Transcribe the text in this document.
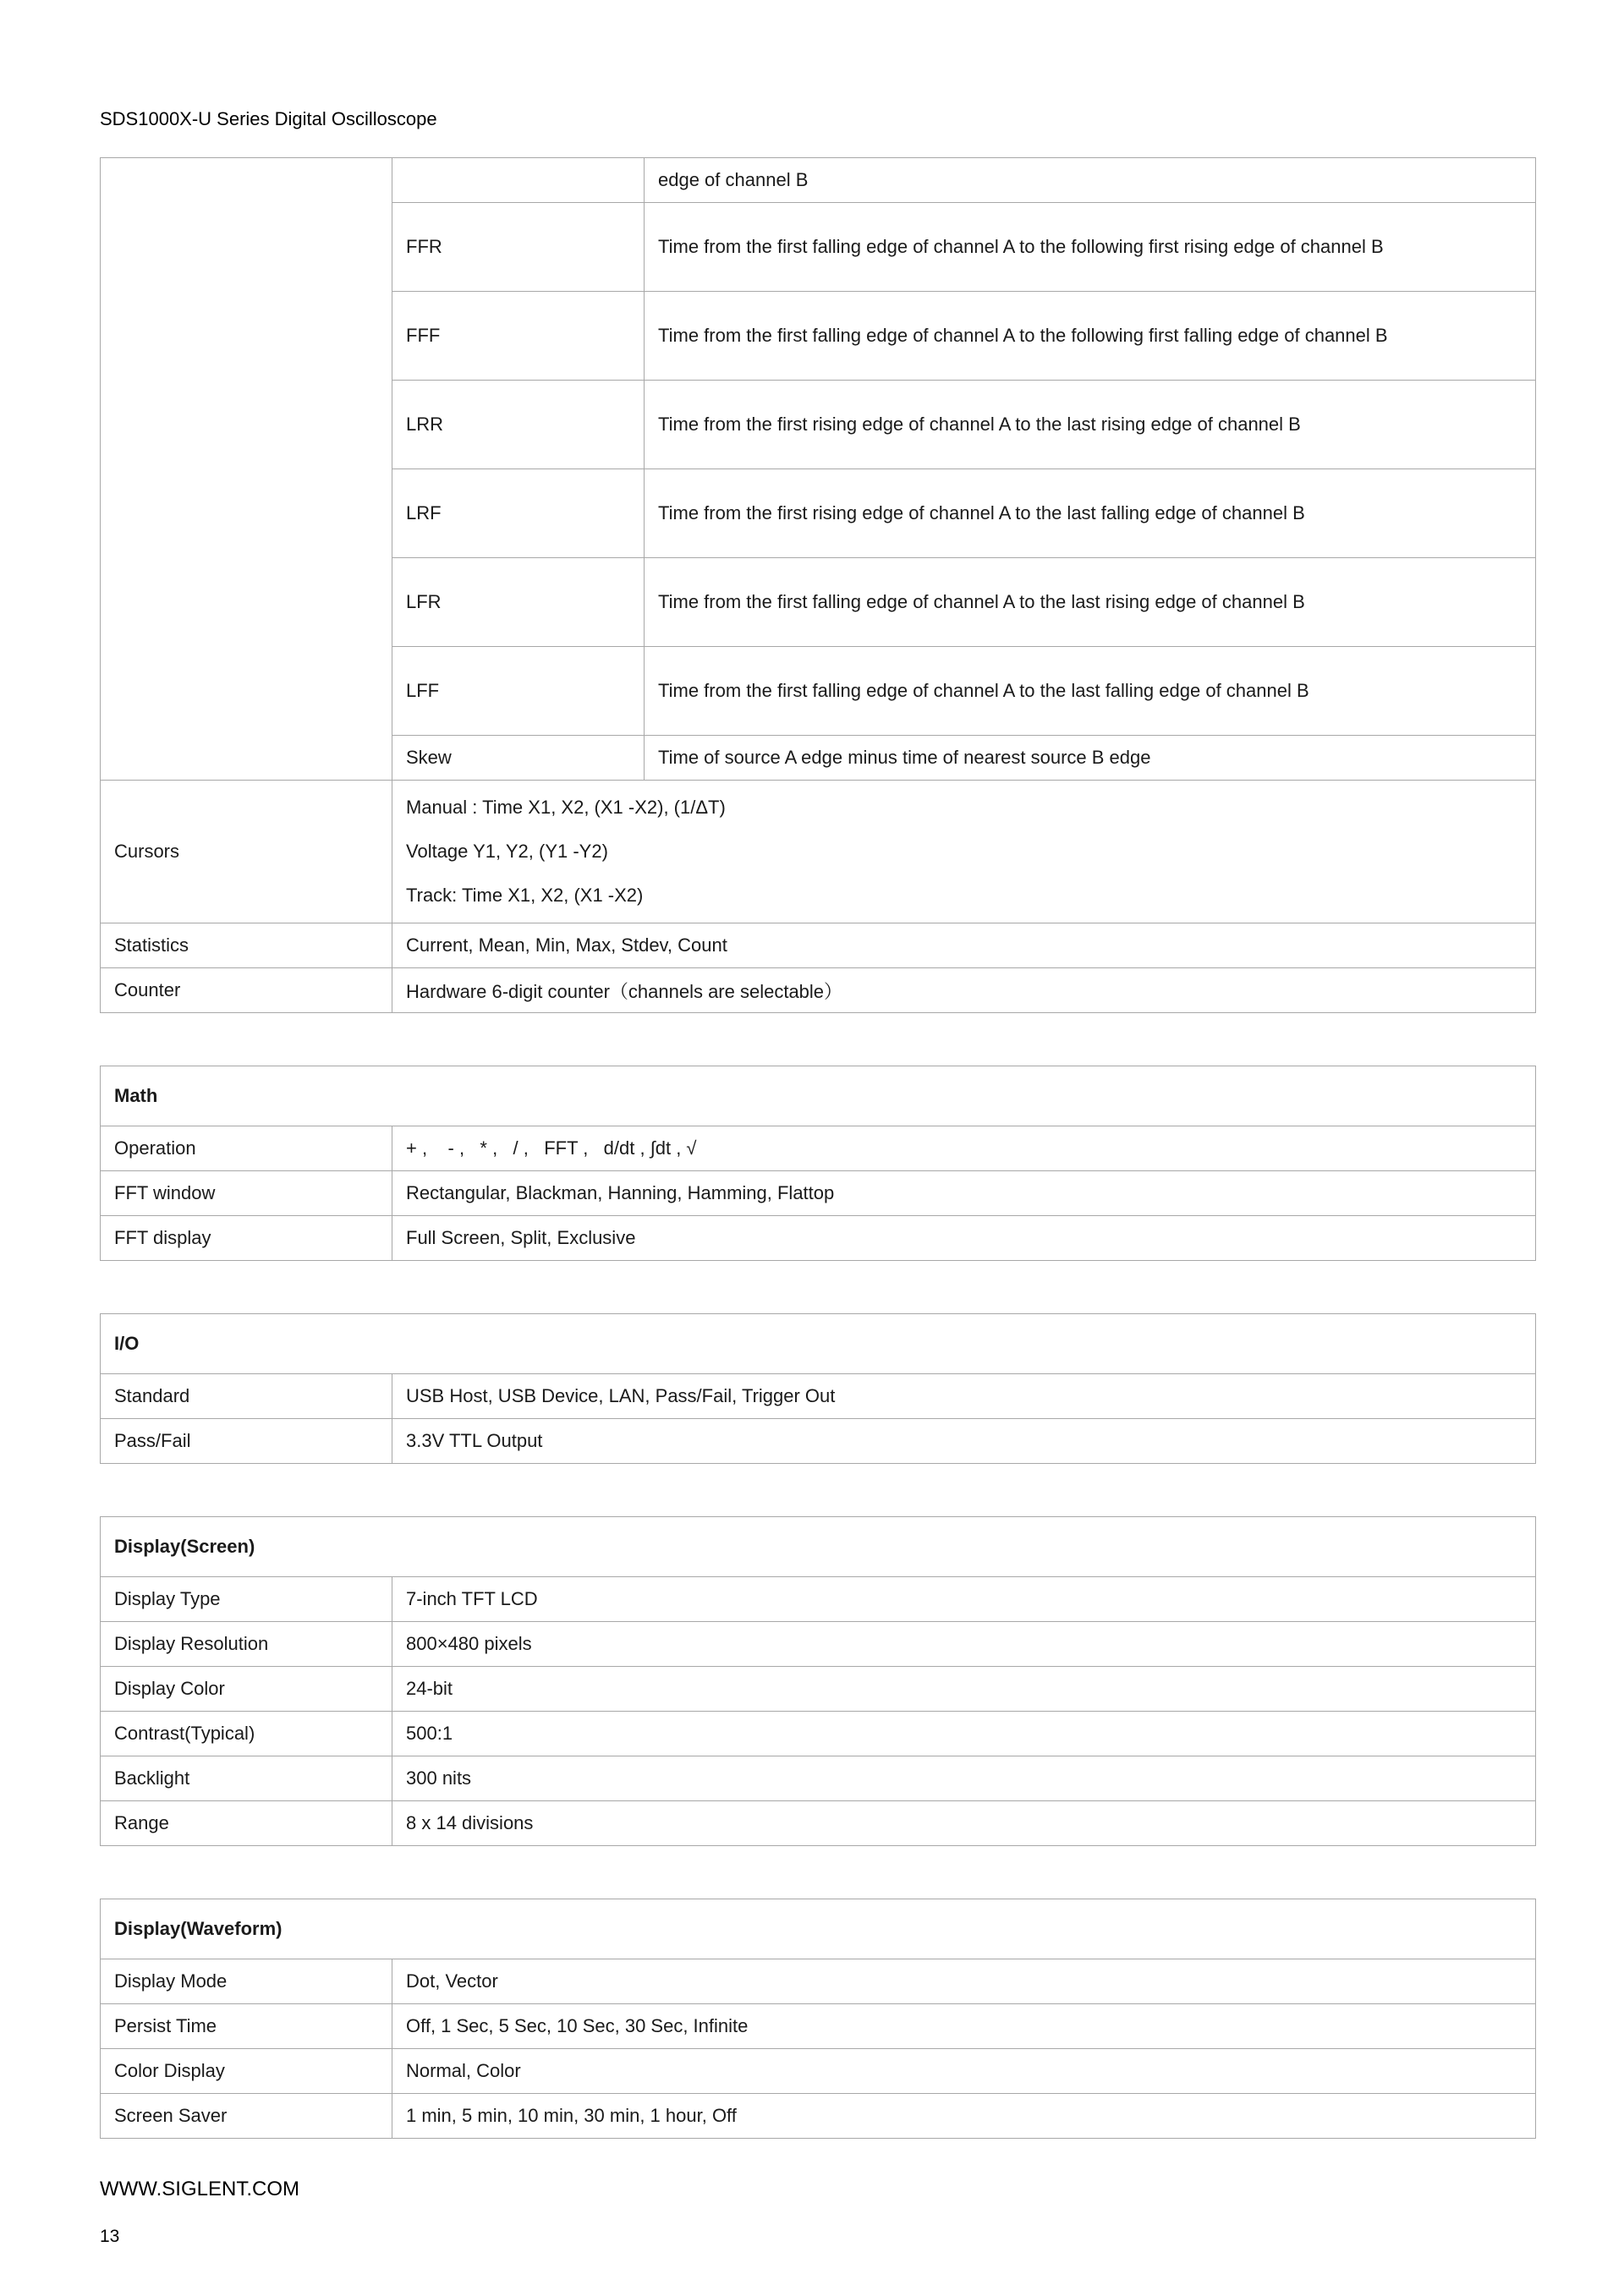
SDS1000X-U Series Digital Oscilloscope
		edge of channel B
	FFR	Time from the first falling edge of channel A to the following first rising edge of channel B
	FFF	Time from the first falling edge of channel A to the following first falling edge of channel B
	LRR	Time from the first rising edge of channel A to the last rising edge of channel B
	LRF	Time from the first rising edge of channel A to the last falling edge of channel B
	LFR	Time from the first falling edge of channel A to the last rising edge of channel B
	LFF	Time from the first falling edge of channel A to the last falling edge of channel B
	Skew	Time of source A edge minus time of nearest source B edge
Cursors	Manual : Time X1, X2, (X1 -X2), (1/ΔT)
Voltage Y1, Y2, (Y1 -Y2)
Track: Time X1, X2, (X1 -X2)	

Statistics	Current, Mean, Min, Max, Stdev, Count	
Counter	Hardware 6-digit counter（channels are selectable）	
Math	
Operation	+ ,    - ,   * ,   / ,   FFT ,   d/dt , ∫dt , √
FFT window	Rectangular, Blackman, Hanning, Hamming, Flattop
FFT display	Full Screen, Split, Exclusive
I/O	
Standard	USB Host, USB Device, LAN, Pass/Fail, Trigger Out
Pass/Fail	3.3V TTL Output
Display(Screen)	
Display Type	7-inch TFT LCD
Display Resolution	800×480 pixels
Display Color	24-bit
Contrast(Typical)	500:1
Backlight	300 nits
Range	8 x 14 divisions
Display(Waveform)	
Display Mode	Dot, Vector
Persist Time	Off, 1 Sec, 5 Sec, 10 Sec, 30 Sec, Infinite
Color Display	Normal, Color
Screen Saver	1 min, 5 min, 10 min, 30 min, 1 hour, Off
WWW.SIGLENT.COM
13
